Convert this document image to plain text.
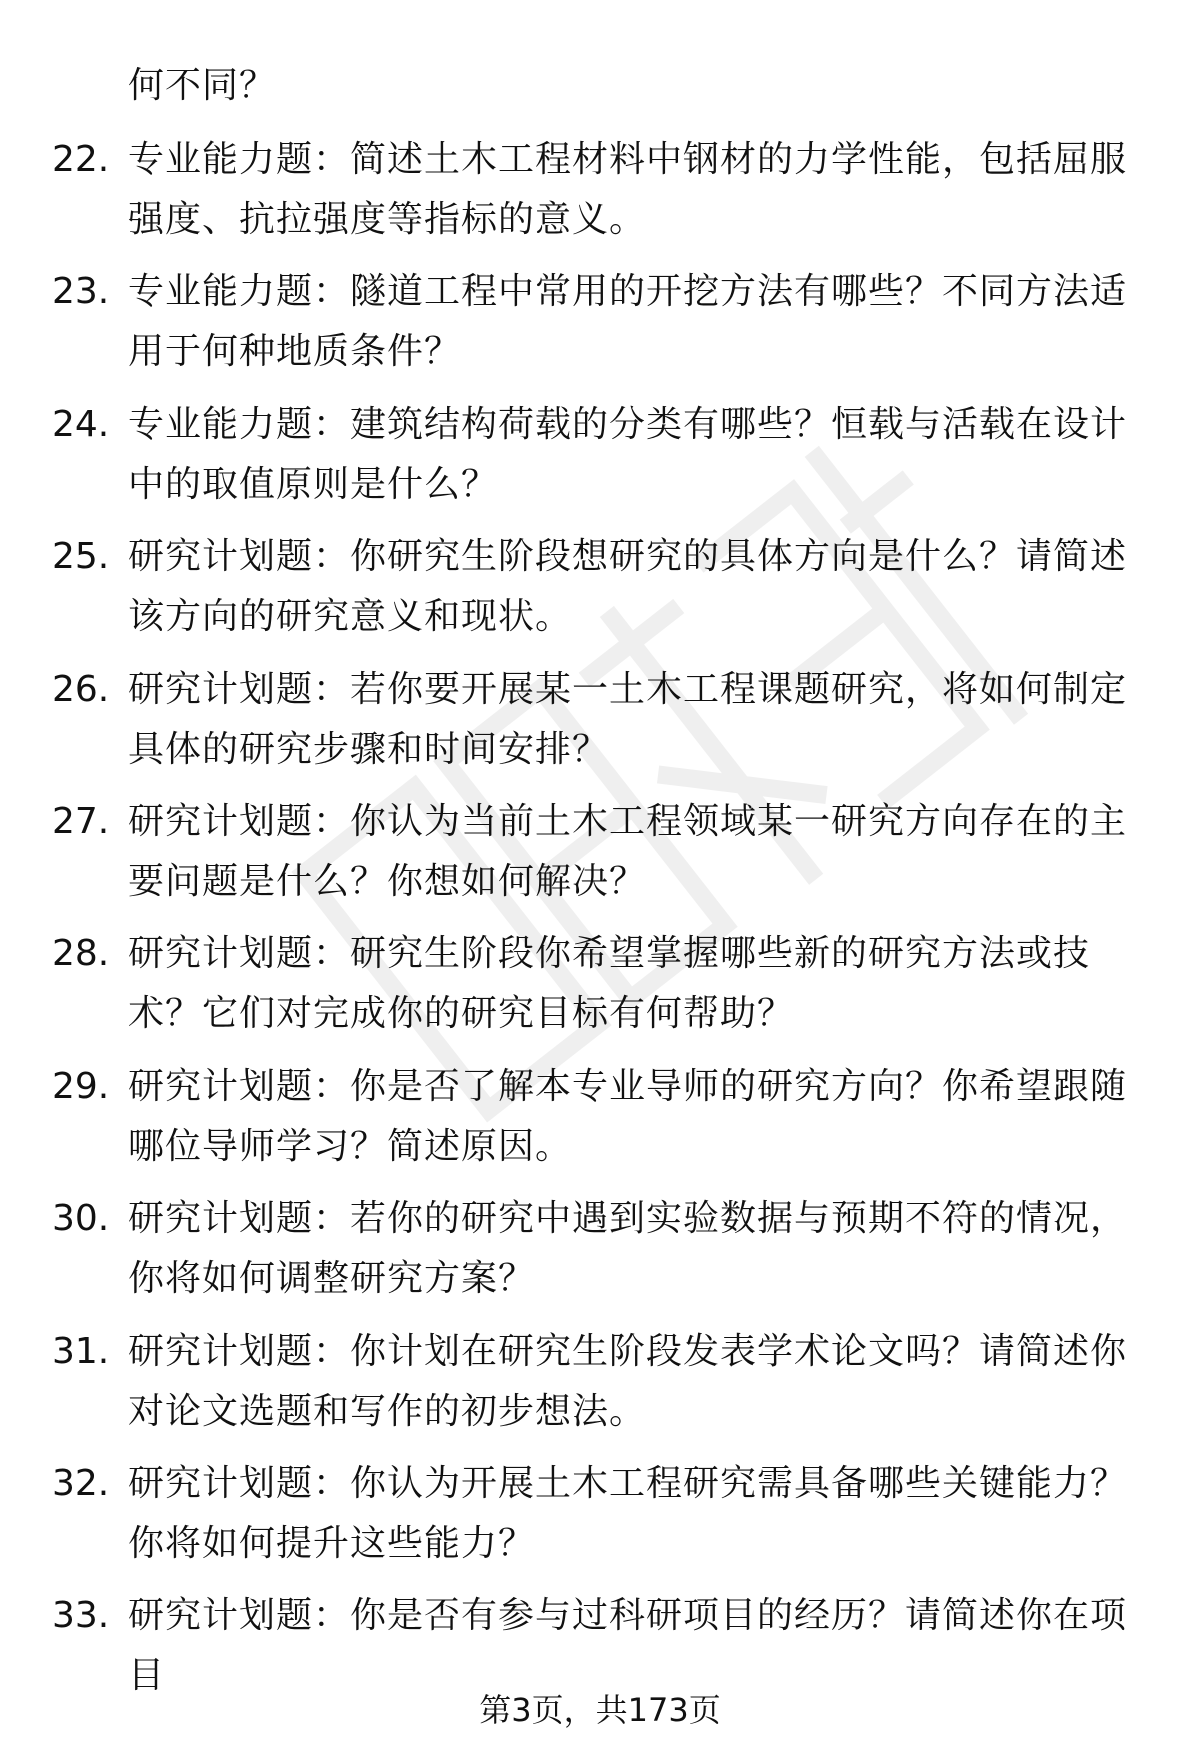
何不同？
22. 专业能力题：简述土木工程材料中钢材的力学性能，包括屈服强度、抗拉强度等指标的意义。
23. 专业能力题：隧道工程中常用的开挖方法有哪些？不同方法适用于何种地质条件？
24. 专业能力题：建筑结构荷载的分类有哪些？恒载与活载在设计中的取值原则是什么？
25. 研究计划题：你研究生阶段想研究的具体方向是什么？请简述该方向的研究意义和现状。
26. 研究计划题：若你要开展某一土木工程课题研究，将如何制定具体的研究步骤和时间安排？
27. 研究计划题：你认为当前土木工程领域某一研究方向存在的主要问题是什么？你想如何解决？
28. 研究计划题：研究生阶段你希望掌握哪些新的研究方法或技术？它们对完成你的研究目标有何帮助？
29. 研究计划题：你是否了解本专业导师的研究方向？你希望跟随哪位导师学习？简述原因。
30. 研究计划题：若你的研究中遇到实验数据与预期不符的情况，你将如何调整研究方案？
31. 研究计划题：你计划在研究生阶段发表学术论文吗？请简述你对论文选题和写作的初步想法。
32. 研究计划题：你认为开展土木工程研究需具备哪些关键能力？你将如何提升这些能力？
33. 研究计划题：你是否有参与过科研项目的经历？请简述你在项目
第3页，共173页
